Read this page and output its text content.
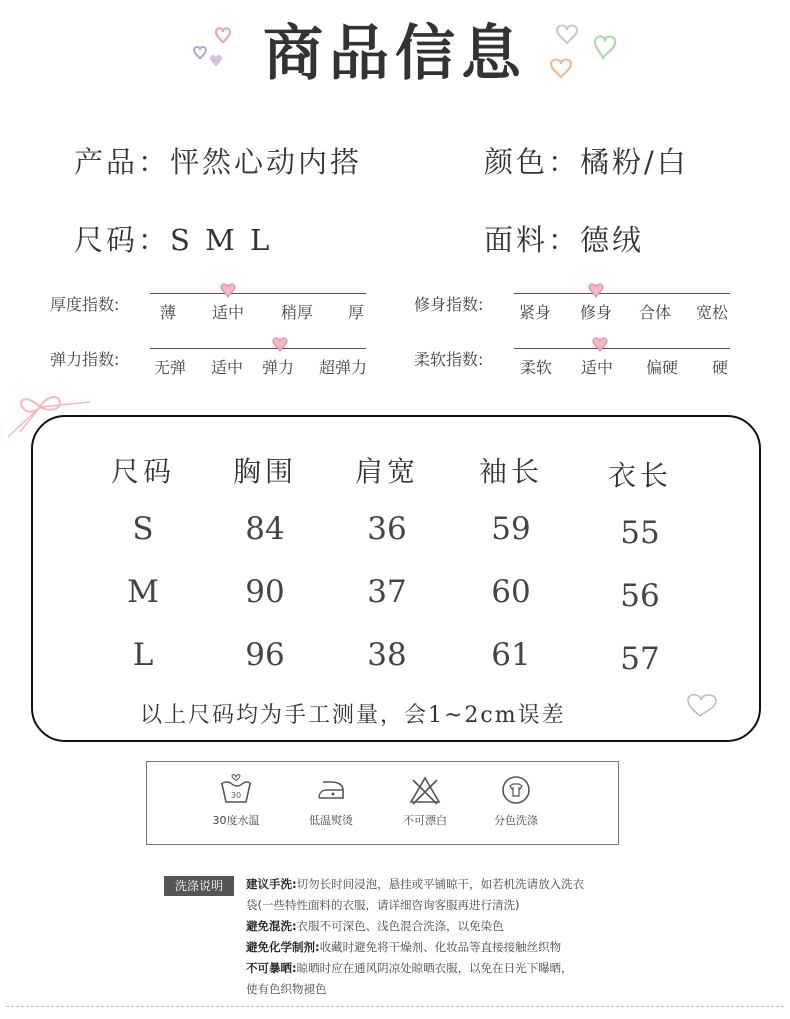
商品信息
产品：怦然心动内搭	颜色：橘粉/白
尺码：S M L	面料：德绒
厚度指数:	薄 适中 稍厚 厚	修身指数: 紧身 修身 合体 宽松
弹力指数: 无弹 适中 弹力 超弹力	柔软指数: 柔软 适中 偏硬 硬
尺码 胸围 肩宽 袖长 衣长
S	84	36	59	55
M	90	37	60	56
L	96	38	61	57
以上尺码均为手工测量，会1~2cm误差
30
30度水温	低温熨烫	不可漂白	分色洗涤
洗涤说明	建议手洗:切勿长时间浸泡，悬挂或平铺晾干，如若机洗请放入洗衣
袋(一些特性面料的衣服，请详细咨询客服再进行清洗)
避免混洗:衣服不可深色、浅色混合洗涤，以免染色
避免化学制剂:收藏时避免将干燥剂、化妆品等直接接触丝织物
不可暴晒:晾晒时应在通风阴凉处晾晒衣服，以免在日光下曝晒，
使有色织物褪色
